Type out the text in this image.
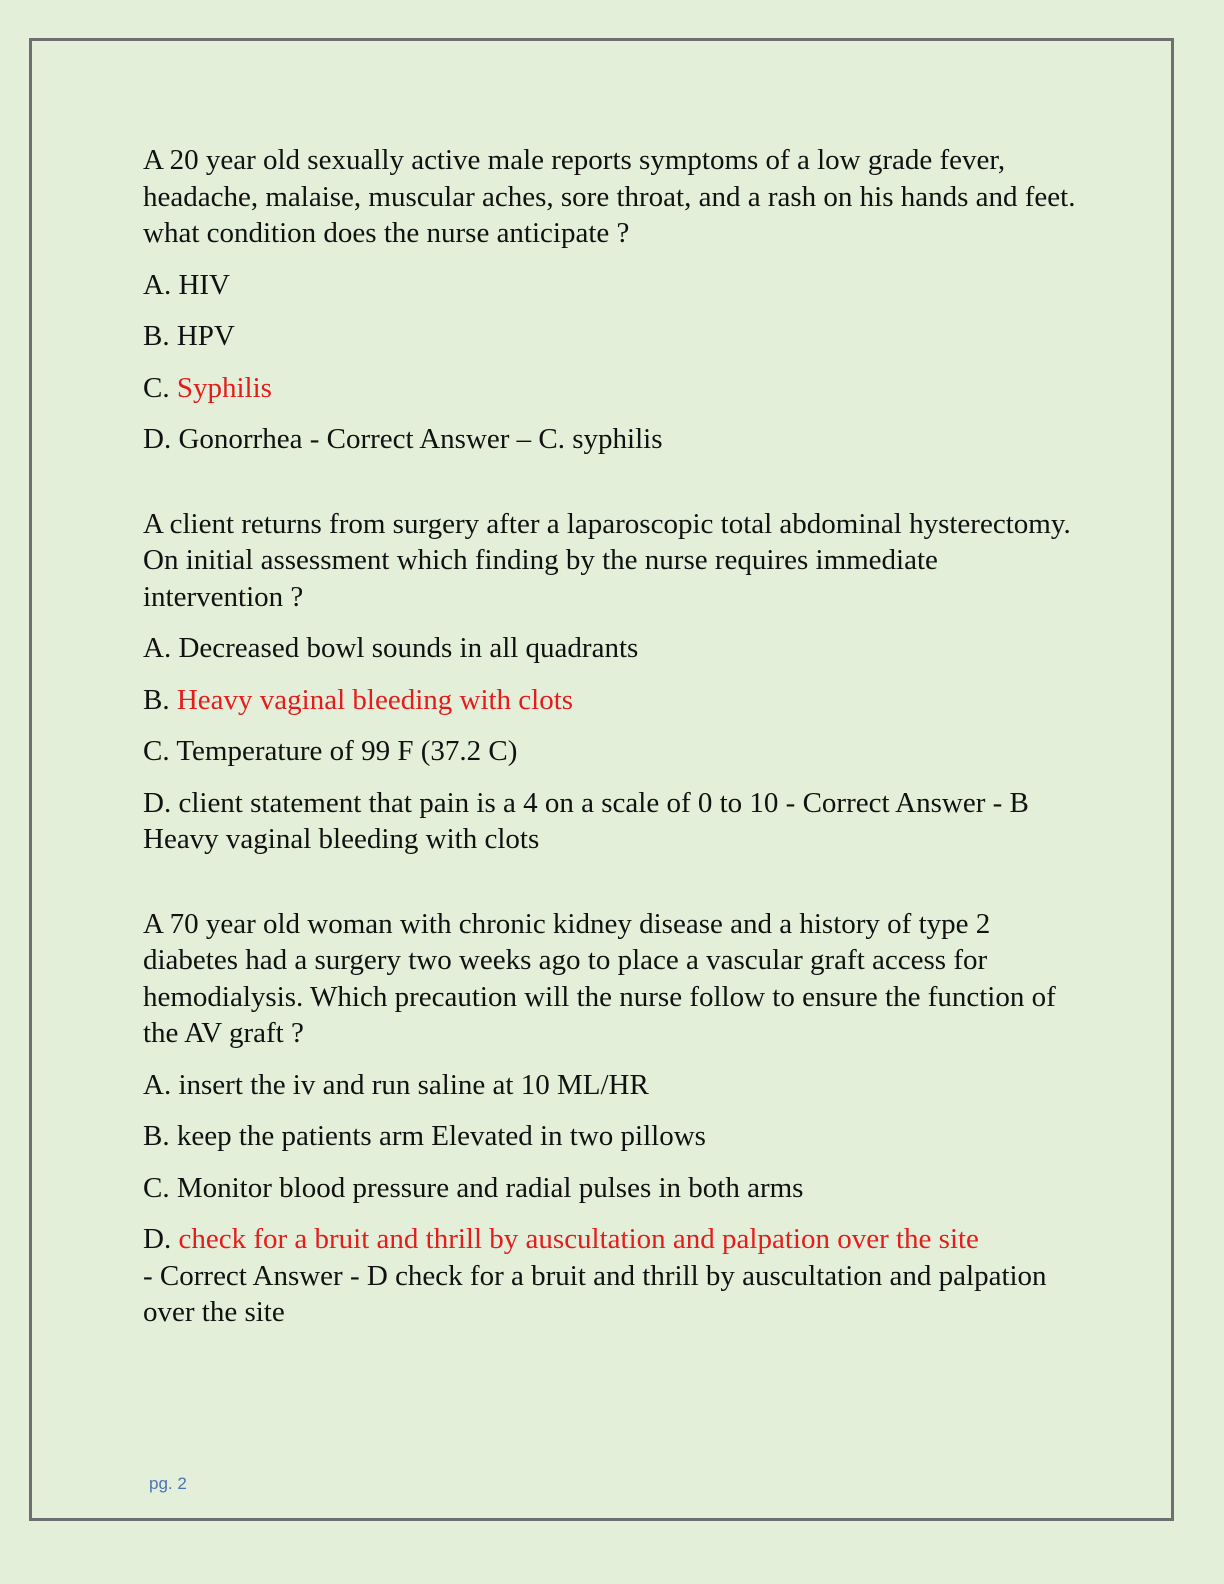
A 20 year old sexually active male reports symptoms of a low grade fever, headache, malaise, muscular aches, sore throat, and a rash on his hands and feet. what condition does the nurse anticipate ?

A. HIV

B. HPV

C. Syphilis

D. Gonorrhea - Correct Answer – C. syphilis

A client returns from surgery after a laparoscopic total abdominal hysterectomy. On initial assessment which finding by the nurse requires immediate intervention ?

A. Decreased bowl sounds in all quadrants

B. Heavy vaginal bleeding with clots

C. Temperature of 99 F (37.2 C)

D. client statement that pain is a 4 on a scale of 0 to 10 - Correct Answer - B Heavy vaginal bleeding with clots

A 70 year old woman with chronic kidney disease and a history of type 2 diabetes had a surgery two weeks ago to place a vascular graft access for hemodialysis. Which precaution will the nurse follow to ensure the function of the AV graft ?

A. insert the iv and run saline at 10 ML/HR

B. keep the patients arm Elevated in two pillows

C. Monitor blood pressure and radial pulses in both arms

D. check for a bruit and thrill by auscultation and palpation over the site
- Correct Answer - D check for a bruit and thrill by auscultation and palpation over the site

pg. 2
